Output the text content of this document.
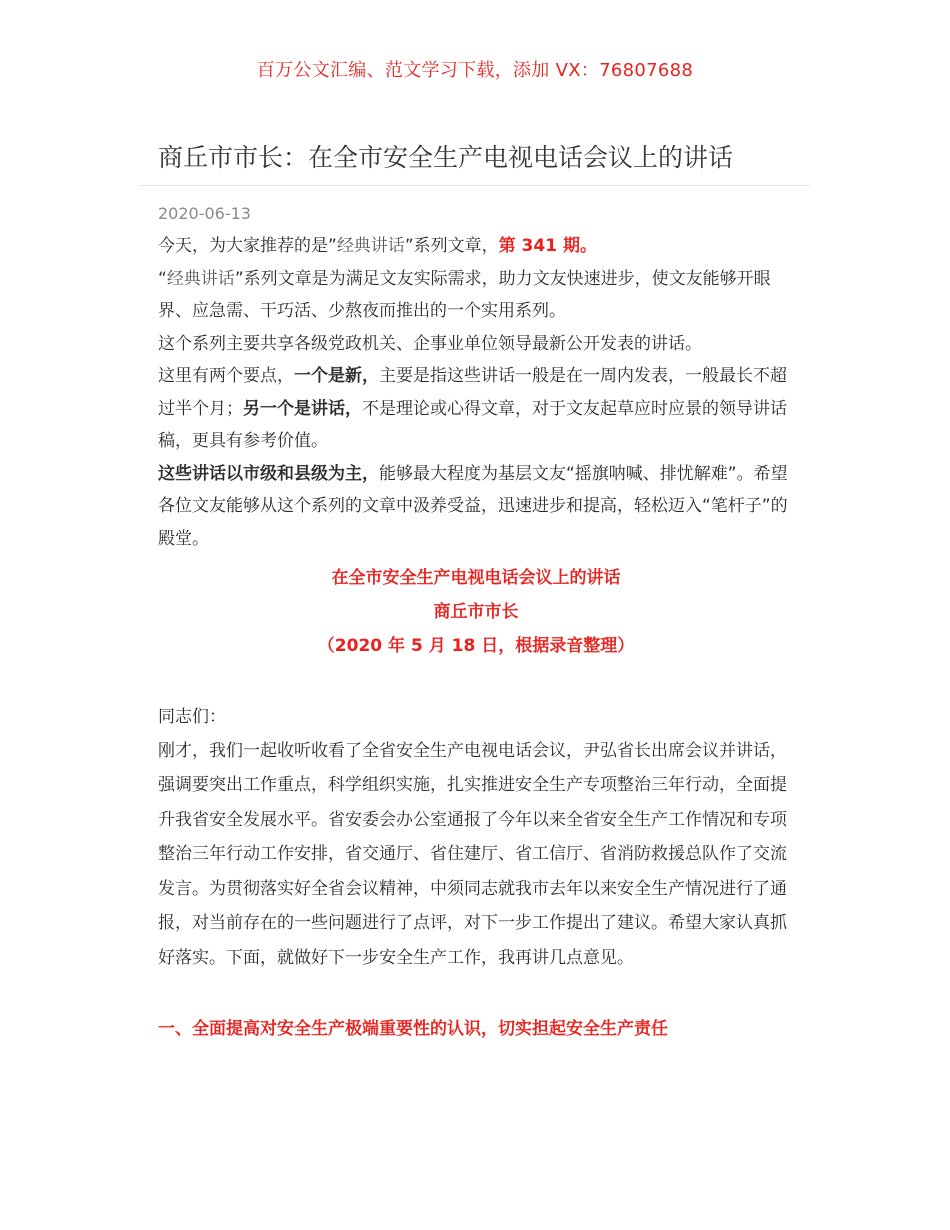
百万公文汇编、范文学习下载，添加 VX：76807688
商丘市市长：在全市安全生产电视电话会议上的讲话
2020-06-13

今天，为大家推荐的是”经典讲话”系列文章，第 341 期。

“经典讲话”系列文章是为满足文友实际需求，助力文友快速进步，使文友能够开眼界、应急需、干巧活、少熬夜而推出的一个实用系列。

这个系列主要共享各级党政机关、企事业单位领导最新公开发表的讲话。

这里有两个要点，一个是新，主要是指这些讲话一般是在一周内发表，一般最长不超过半个月；另一个是讲话，不是理论或心得文章，对于文友起草应时应景的领导讲话稿，更具有参考价值。

这些讲话以市级和县级为主，能够最大程度为基层文友“摇旗呐喊、排忧解难”。希望各位文友能够从这个系列的文章中汲养受益，迅速进步和提高，轻松迈入“笔杆子”的殿堂。

在全市安全生产电视电话会议上的讲话

商丘市市长

（2020 年 5 月 18 日，根据录音整理）

同志们：

刚才，我们一起收听收看了全省安全生产电视电话会议，尹弘省长出席会议并讲话，强调要突出工作重点，科学组织实施，扎实推进安全生产专项整治三年行动，全面提升我省安全发展水平。省安委会办公室通报了今年以来全省安全生产工作情况和专项整治三年行动工作安排，省交通厅、省住建厅、省工信厅、省消防救援总队作了交流发言。为贯彻落实好全省会议精神，中须同志就我市去年以来安全生产情况进行了通报，对当前存在的一些问题进行了点评，对下一步工作提出了建议。希望大家认真抓好落实。下面，就做好下一步安全生产工作，我再讲几点意见。

一、全面提高对安全生产极端重要性的认识，切实担起安全生产责任
